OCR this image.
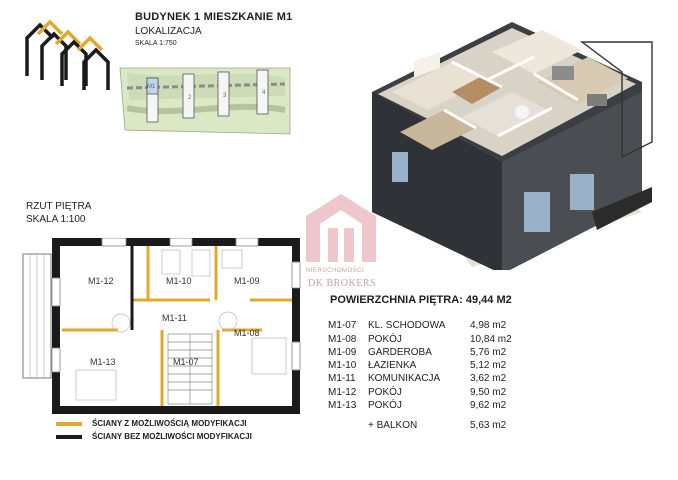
BUDYNEK 1 MIESZKANIE M1
LOKALIZACJA
SKALA 1:750
M1
2	3	4
RZUT PIĘTRA
SKALA 1:100
M1-12	M1-10	M1-09
M1-11
M1-08
M1-13	M1-07
NIERUCHOMOŚCI
DK BROKERS
POWIERZCHNIA PIĘTRA: 49,44 M2
M1-07	KL. SCHODOWA	4,98 m2
M1-08	POKÓJ	10,84 m2
M1-09	GARDEROBA	5,76 m2
M1-10	ŁAZIENKA	5,12 m2
M1-11	KOMUNIKACJA	3,62 m2
M1-12	POKÓJ	9,50 m2
M1-13	POKÓJ	9,62 m2
+ BALKON	5,63 m2
ŚCIANY Z MOŻLIWOŚCIĄ MODYFIKACJI
ŚCIANY BEZ MOŻLIWOŚCI MODYFIKACJI
